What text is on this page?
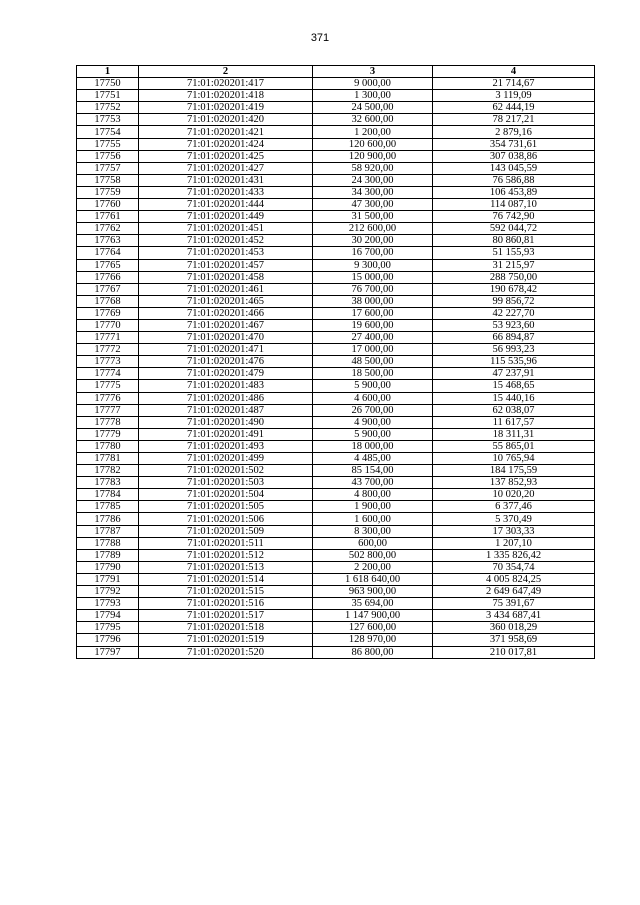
371
1	2	3	4
17750	71:01:020201:417	9 000,00	21 714,67
17751	71:01:020201:418	1 300,00	3 119,09
17752	71:01:020201:419	24 500,00	62 444,19
17753	71:01:020201:420	32 600,00	78 217,21
17754	71:01:020201:421	1 200,00	2 879,16
17755	71:01:020201:424	120 600,00	354 731,61
17756	71:01:020201:425	120 900,00	307 038,86
17757	71:01:020201:427	58 920,00	143 045,59
17758	71:01:020201:431	24 300,00	76 586,88
17759	71:01:020201:433	34 300,00	106 453,89
17760	71:01:020201:444	47 300,00	114 087,10
17761	71:01:020201:449	31 500,00	76 742,90
17762	71:01:020201:451	212 600,00	592 044,72
17763	71:01:020201:452	30 200,00	80 860,81
17764	71:01:020201:453	16 700,00	51 155,93
17765	71:01:020201:457	9 300,00	31 215,97
17766	71:01:020201:458	15 000,00	288 750,00
17767	71:01:020201:461	76 700,00	190 678,42
17768	71:01:020201:465	38 000,00	99 856,72
17769	71:01:020201:466	17 600,00	42 227,70
17770	71:01:020201:467	19 600,00	53 923,60
17771	71:01:020201:470	27 400,00	66 894,87
17772	71:01:020201:471	17 000,00	56 993,23
17773	71:01:020201:476	48 500,00	115 535,96
17774	71:01:020201:479	18 500,00	47 237,91
17775	71:01:020201:483	5 900,00	15 468,65
17776	71:01:020201:486	4 600,00	15 440,16
17777	71:01:020201:487	26 700,00	62 038,07
17778	71:01:020201:490	4 900,00	11 617,57
17779	71:01:020201:491	5 900,00	18 311,31
17780	71:01:020201:493	18 000,00	55 865,01
17781	71:01:020201:499	4 485,00	10 765,94
17782	71:01:020201:502	85 154,00	184 175,59
17783	71:01:020201:503	43 700,00	137 852,93
17784	71:01:020201:504	4 800,00	10 020,20
17785	71:01:020201:505	1 900,00	6 377,46
17786	71:01:020201:506	1 600,00	5 370,49
17787	71:01:020201:509	8 300,00	17 303,33
17788	71:01:020201:511	600,00	1 207,10
17789	71:01:020201:512	502 800,00	1 335 826,42
17790	71:01:020201:513	2 200,00	70 354,74
17791	71:01:020201:514	1 618 640,00	4 005 824,25
17792	71:01:020201:515	963 900,00	2 649 647,49
17793	71:01:020201:516	35 694,00	75 391,67
17794	71:01:020201:517	1 147 900,00	3 434 687,41
17795	71:01:020201:518	127 600,00	360 018,29
17796	71:01:020201:519	128 970,00	371 958,69
17797	71:01:020201:520	86 800,00	210 017,81
